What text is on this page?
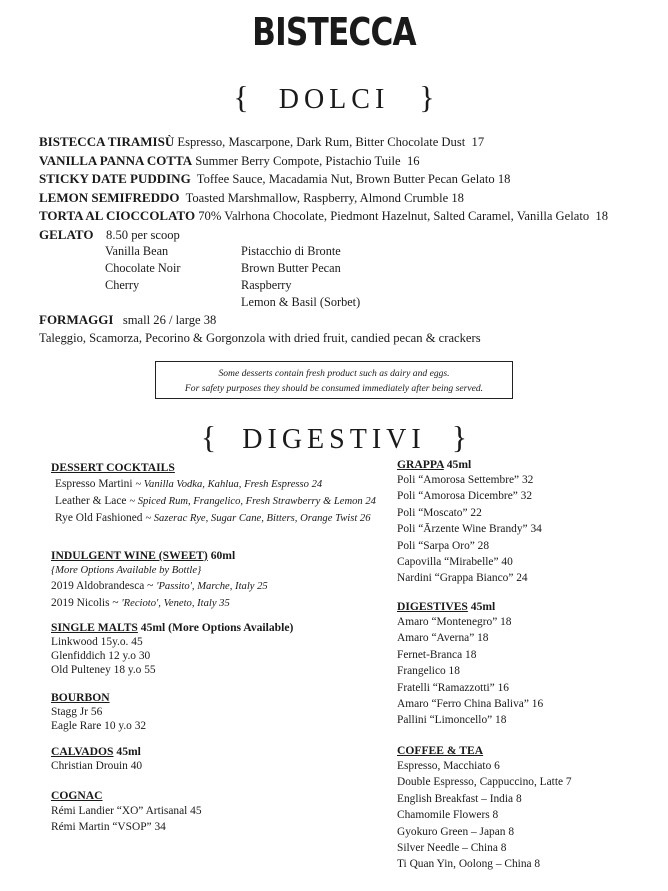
BISTECCA
{ DOLCI }
BISTECCA TIRAMISÙ Espresso, Mascarpone, Dark Rum, Bitter Chocolate Dust 17
VANILLA PANNA COTTA Summer Berry Compote, Pistachio Tuile 16
STICKY DATE PUDDING Toffee Sauce, Macadamia Nut, Brown Butter Pecan Gelato 18
LEMON SEMIFREDDO Toasted Marshmallow, Raspberry, Almond Crumble 18
TORTA AL CIOCCOLATO 70% Valrhona Chocolate, Piedmont Hazelnut, Salted Caramel, Vanilla Gelato 18
GELATO 8.50 per scoop
Vanilla Bean
Chocolate Noir
Cherry
Pistacchio di Bronte
Brown Butter Pecan
Raspberry
Lemon & Basil (Sorbet)
FORMAGGI small 26 / large 38
Taleggio, Scamorza, Pecorino & Gorgonzola with dried fruit, candied pecan & crackers
Some desserts contain fresh product such as dairy and eggs.
For safety purposes they should be consumed immediately after being served.
{ DIGESTIVI }
DESSERT COCKTAILS
Espresso Martini ~ Vanilla Vodka, Kahlua, Fresh Espresso 24
Leather & Lace ~ Spiced Rum, Frangelico, Fresh Strawberry & Lemon 24
Rye Old Fashioned ~ Sazerac Rye, Sugar Cane, Bitters, Orange Twist 26
INDULGENT WINE (SWEET) 60ml
{More Options Available by Bottle}
2019 Aldobrandesca ~ 'Passito', Marche, Italy 25
2019 Nicolis ~ 'Recioto', Veneto, Italy 35
SINGLE MALTS 45ml (More Options Available)
Linkwood 15y.o. 45
Glenfiddich 12 y.o 30
Old Pulteney 18 y.o 55
BOURBON
Stagg Jr 56
Eagle Rare 10 y.o 32
CALVADOS 45ml
Christian Drouin 40
COGNAC
Rémi Landier “XO” Artisanal 45
Rémi Martin “VSOP” 34
GRAPPA 45ml
Poli “Amorosa Settembre” 32
Poli “Amorosa Dicembre” 32
Poli “Moscato” 22
Poli “Ārzente Wine Brandy” 34
Poli “Sarpa Oro” 28
Capovilla “Mirabelle” 40
Nardini “Grappa Bianco” 24
DIGESTIVES 45ml
Amaro “Montenegro” 18
Amaro “Averna” 18
Fernet-Branca 18
Frangelico 18
Fratelli “Ramazzotti” 16
Amaro “Ferro China Baliva” 16
Pallini “Limoncello” 18
COFFEE & TEA
Espresso, Macchiato 6
Double Espresso, Cappuccino, Latte 7
English Breakfast – India 8
Chamomile Flowers 8
Gyokuro Green – Japan 8
Silver Needle – China 8
Ti Quan Yin, Oolong – China 8
